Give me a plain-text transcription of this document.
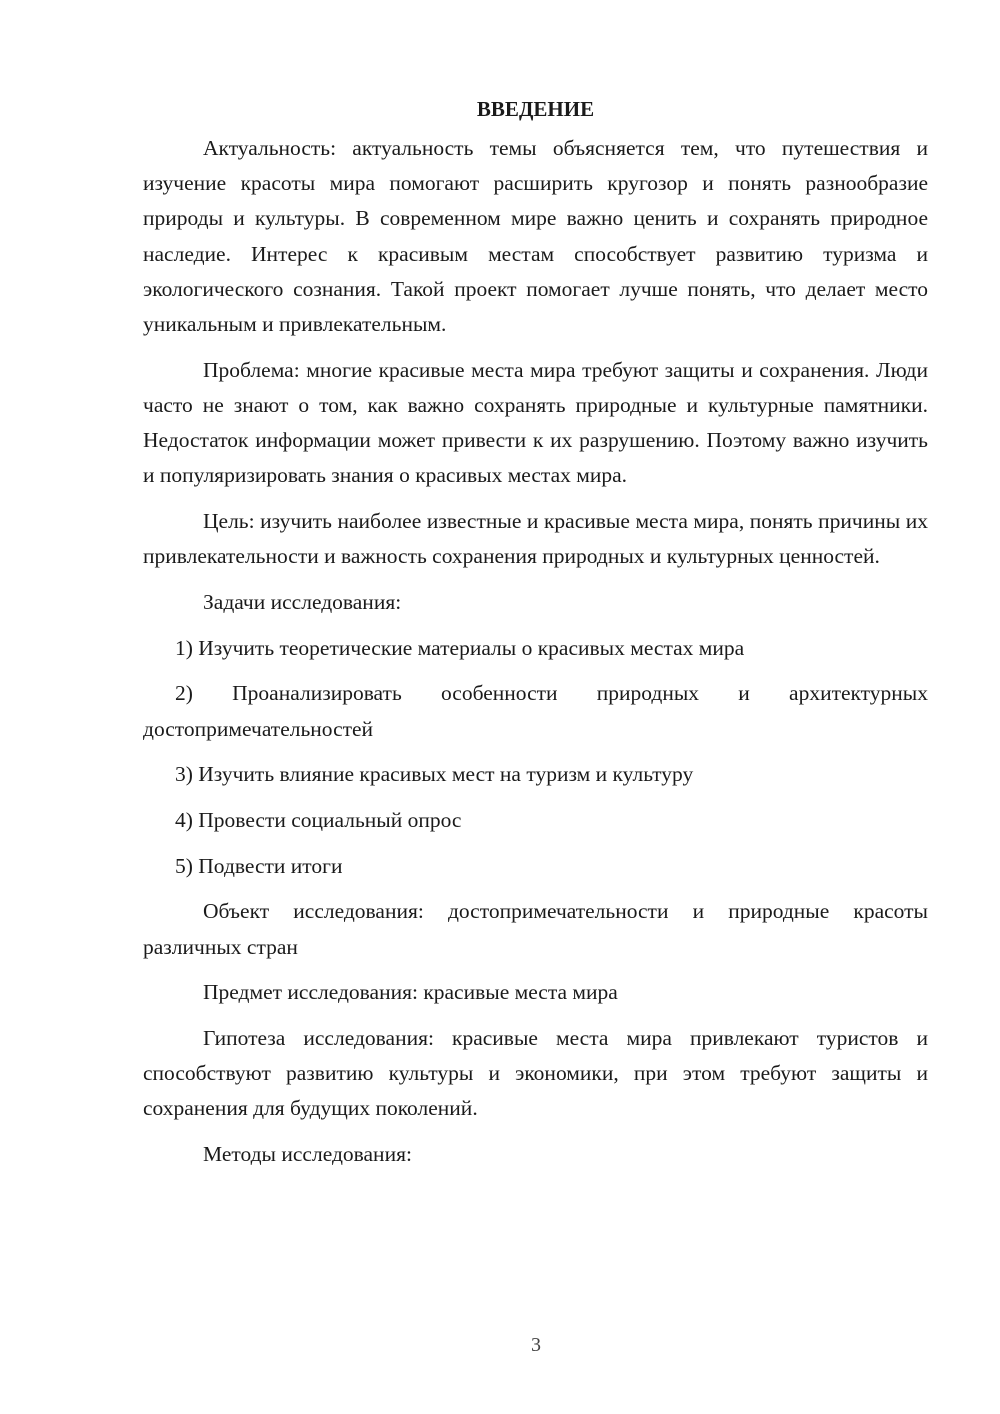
ВВЕДЕНИЕ

Актуальность: актуальность темы объясняется тем, что путешествия и изучение красоты мира помогают расширить кругозор и понять разнообразие природы и культуры. В современном мире важно ценить и сохранять природное наследие. Интерес к красивым местам способствует развитию туризма и экологического сознания. Такой проект помогает лучше понять, что делает место уникальным и привлекательным.

Проблема: многие красивые места мира требуют защиты и сохранения. Люди часто не знают о том, как важно сохранять природные и культурные памятники. Недостаток информации может привести к их разрушению. Поэтому важно изучить и популяризировать знания о красивых местах мира.

Цель: изучить наиболее известные и красивые места мира, понять причины их привлекательности и важность сохранения природных и культурных ценностей.

Задачи исследования:

1) Изучить теоретические материалы о красивых местах мира

2) Проанализировать особенности природных и архитектурных достопримечательностей

3) Изучить влияние красивых мест на туризм и культуру

4) Провести социальный опрос

5) Подвести итоги

Объект исследования: достопримечательности и природные красоты различных стран

Предмет исследования: красивые места мира

Гипотеза исследования: красивые места мира привлекают туристов и способствуют развитию культуры и экономики, при этом требуют защиты и сохранения для будущих поколений.

Методы исследования:

3
